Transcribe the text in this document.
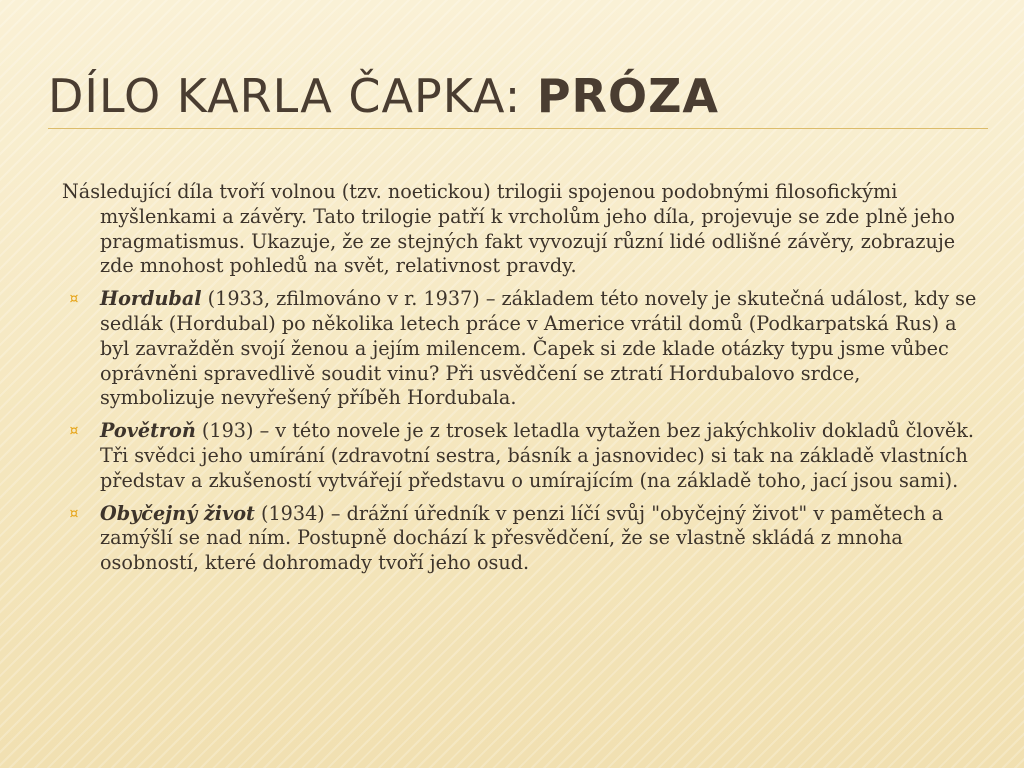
DÍLO KARLA ČAPKA: PRÓZA

Následující díla tvoří volnou (tzv. noetickou) trilogii spojenou podobnými filosofickými myšlenkami a závěry. Tato trilogie patří k vrcholům jeho díla, projevuje se zde plně jeho pragmatismus. Ukazuje, že ze stejných fakt vyvozují různí lidé odlišné závěry, zobrazuje zde mnohost pohledů na svět, relativnost pravdy.

¤ Hordubal (1933, zfilmováno v r. 1937) – základem této novely je skutečná událost, kdy se sedlák (Hordubal) po několika letech práce v Americe vrátil domů (Podkarpatská Rus) a byl zavražděn svojí ženou a jejím milencem. Čapek si zde klade otázky typu jsme vůbec oprávněni spravedlivě soudit vinu? Při usvědčení se ztratí Hordubalovo srdce, symbolizuje nevyřešený příběh Hordubala.
¤ Povětroň (193) – v této novele je z trosek letadla vytažen bez jakýchkoliv dokladů člověk. Tři svědci jeho umírání (zdravotní sestra, básník a jasnovidec) si tak na základě vlastních představ a zkušeností vytvářejí představu o umírajícím (na základě toho, jací jsou sami).
¤ Obyčejný život (1934) – drážní úředník v penzi líčí svůj "obyčejný život" v pamětech a zamýšlí se nad ním. Postupně dochází k přesvědčení, že se vlastně skládá z mnoha osobností, které dohromady tvoří jeho osud.
